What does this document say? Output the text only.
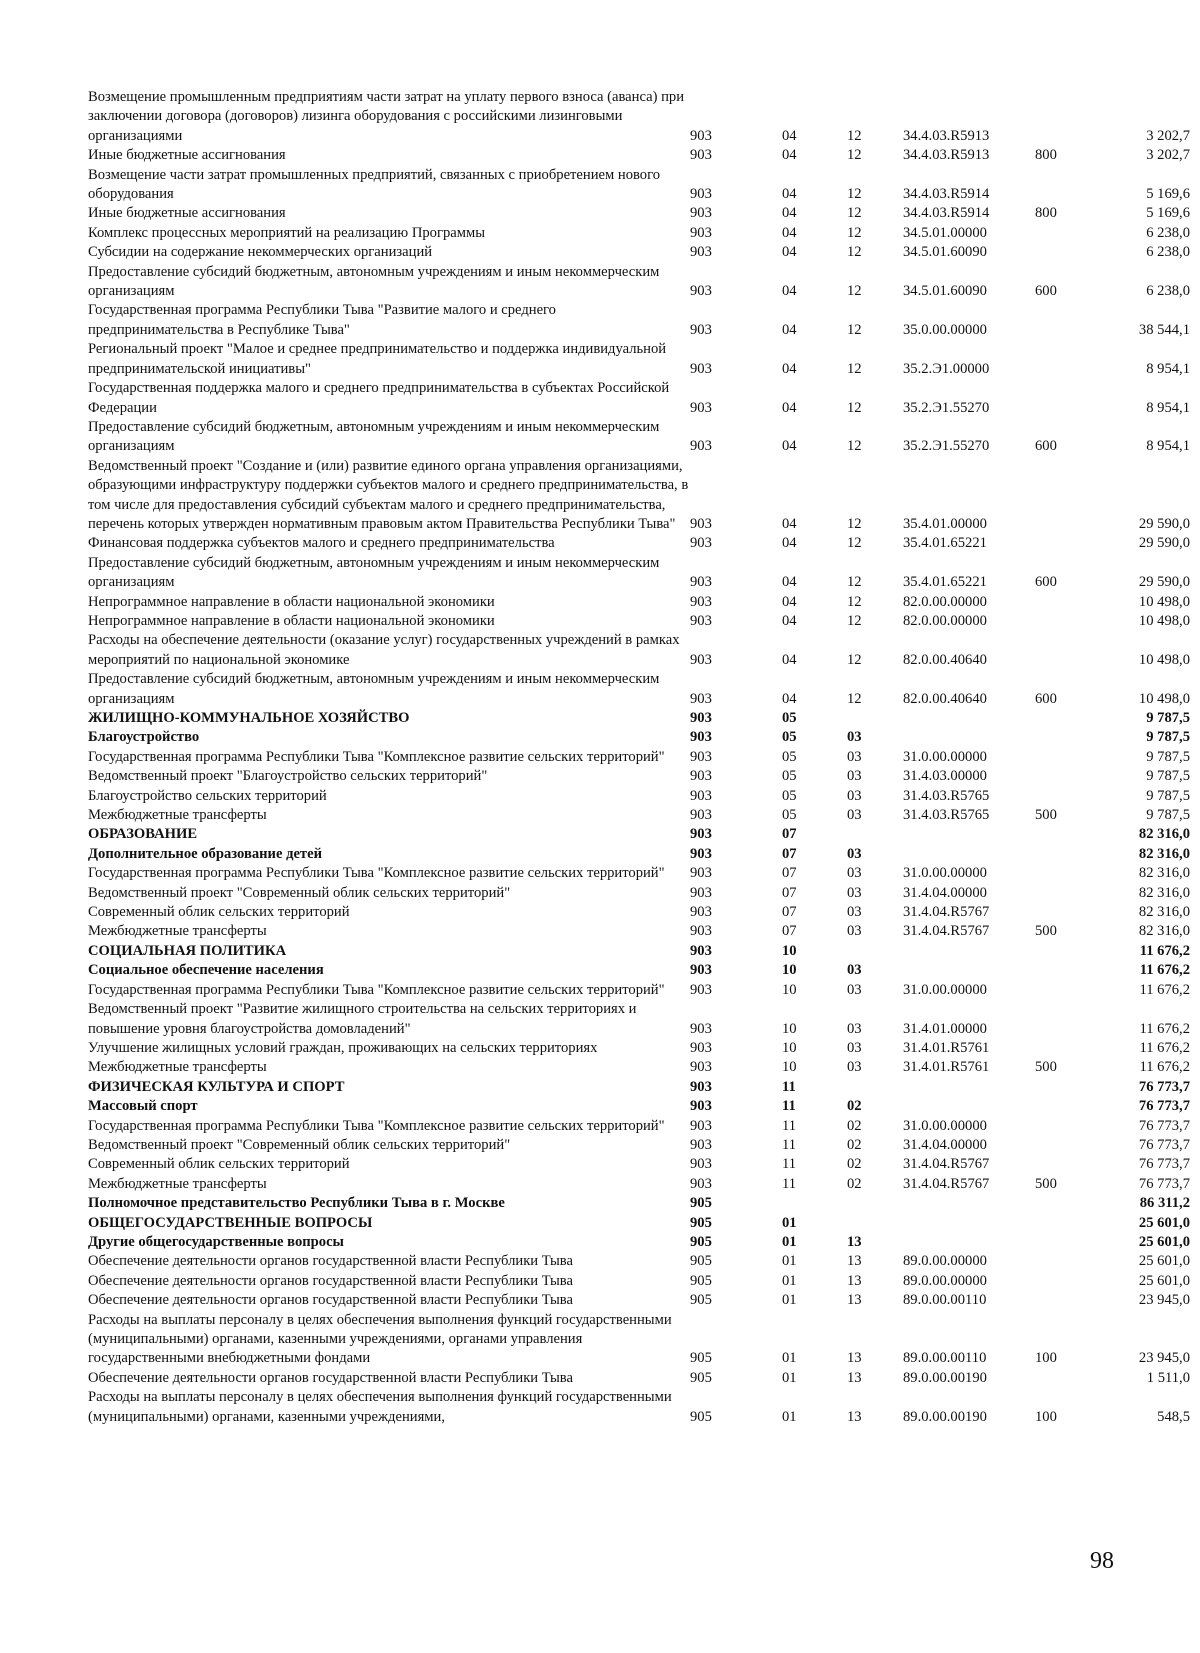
Возмещение промышленным предприятиям части затрат на уплату первого взноса (аванса) при заключении договора (договоров) лизинга оборудования с российскими лизинговыми организациями	903	04	12	34.4.03.R5913	3 202,7
Иные бюджетные ассигнования	903	04	12	34.4.03.R5913	800	3 202,7
Возмещение части затрат промышленных предприятий, связанных с приобретением нового оборудования	903	04	12	34.4.03.R5914	5 169,6
Иные бюджетные ассигнования	903	04	12	34.4.03.R5914	800	5 169,6
Комплекс процессных мероприятий на реализацию Программы	903	04	12	34.5.01.00000	6 238,0
Субсидии на содержание некоммерческих организаций	903	04	12	34.5.01.60090	6 238,0
Предоставление субсидий бюджетным, автономным учреждениям и иным некоммерческим организациям	903	04	12	34.5.01.60090	600	6 238,0
Государственная программа Республики Тыва "Развитие малого и среднего предпринимательства в Республике Тыва"	903	04	12	35.0.00.00000	38 544,1
Региональный проект "Малое и среднее предпринимательство и поддержка индивидуальной предпринимательской инициативы"	903	04	12	35.2.Э1.00000	8 954,1
Государственная поддержка малого и среднего предпринимательства в субъектах Российской Федерации	903	04	12	35.2.Э1.55270	8 954,1
Предоставление субсидий бюджетным, автономным учреждениям и иным некоммерческим организациям	903	04	12	35.2.Э1.55270	600	8 954,1
Ведомственный проект "Создание и (или) развитие единого органа управления организациями, образующими инфраструктуру поддержки субъектов малого и среднего предпринимательства, в том числе для предоставления субсидий субъектам малого и среднего предпринимательства, перечень которых утвержден нормативным правовым актом Правительства Республики Тыва" 903	04	12	35.4.01.00000	29 590,0
Финансовая поддержка субъектов малого и среднего предпринимательства	903	04	12	35.4.01.65221	29 590,0
Предоставление субсидий бюджетным, автономным учреждениям и иным некоммерческим организациям	903	04	12	35.4.01.65221	600	29 590,0
Непрограммное направление в области национальной экономики	903	04	12	82.0.00.00000	10 498,0
Непрограммное направление в области национальной экономики	903	04	12	82.0.00.00000	10 498,0
Расходы на обеспечение деятельности (оказание услуг) государственных учреждений в рамках мероприятий по национальной экономике	903	04	12	82.0.00.40640	10 498,0
Предоставление субсидий бюджетным, автономным учреждениям и иным некоммерческим организациям	903	04	12	82.0.00.40640	600	10 498,0
ЖИЛИЩНО-КОММУНАЛЬНОЕ ХОЗЯЙСТВО	903	05	9 787,5
Благоустройство	903	05	03	9 787,5
Государственная программа Республики Тыва "Комплексное развитие сельских территорий"	903	05	03	31.0.00.00000	9 787,5
Ведомственный проект "Благоустройство сельских территорий"	903	05	03	31.4.03.00000	9 787,5
Благоустройство сельских территорий	903	05	03	31.4.03.R5765	9 787,5
Межбюджетные трансферты	903	05	03	31.4.03.R5765	500	9 787,5
ОБРАЗОВАНИЕ	903	07	82 316,0
Дополнительное образование детей	903	07	03	82 316,0
Государственная программа Республики Тыва "Комплексное развитие сельских территорий"	903	07	03	31.0.00.00000	82 316,0
Ведомственный проект "Современный облик сельских территорий"	903	07	03	31.4.04.00000	82 316,0
Современный облик сельских территорий	903	07	03	31.4.04.R5767	82 316,0
Межбюджетные трансферты	903	07	03	31.4.04.R5767	500	82 316,0
СОЦИАЛЬНАЯ ПОЛИТИКА	903	10	11 676,2
Социальное обеспечение населения	903	10	03	11 676,2
Государственная программа Республики Тыва "Комплексное развитие сельских территорий"	903	10	03	31.0.00.00000	11 676,2
Ведомственный проект "Развитие жилищного строительства на сельских территориях и повышение уровня благоустройства домовладений"	903	10	03	31.4.01.00000	11 676,2
Улучшение жилищных условий граждан, проживающих на сельских территориях	903	10	03	31.4.01.R5761	11 676,2
Межбюджетные трансферты	903	10	03	31.4.01.R5761	500	11 676,2
ФИЗИЧЕСКАЯ КУЛЬТУРА И СПОРТ	903	11	76 773,7
Массовый спорт	903	11	02	76 773,7
Государственная программа Республики Тыва "Комплексное развитие сельских территорий"	903	11	02	31.0.00.00000	76 773,7
Ведомственный проект "Современный облик сельских территорий"	903	11	02	31.4.04.00000	76 773,7
Современный облик сельских территорий	903	11	02	31.4.04.R5767	76 773,7
Межбюджетные трансферты	903	11	02	31.4.04.R5767	500	76 773,7
Полномочное представительство Республики Тыва в г. Москве	905	86 311,2
ОБЩЕГОСУДАРСТВЕННЫЕ ВОПРОСЫ	905	01	25 601,0
Другие общегосударственные вопросы	905	01	13	25 601,0
Обеспечение деятельности органов государственной власти Республики Тыва	905	01	13	89.0.00.00000	25 601,0
Обеспечение деятельности органов государственной власти Республики Тыва	905	01	13	89.0.00.00000	25 601,0
Обеспечение деятельности органов государственной власти Республики Тыва	905	01	13	89.0.00.00110	23 945,0
Расходы на выплаты персоналу в целях обеспечения выполнения функций государственными (муниципальными) органами, казенными учреждениями, органами управления государственными внебюджетными фондами	905	01	13	89.0.00.00110	100	23 945,0
Обеспечение деятельности органов государственной власти Республики Тыва	905	01	13	89.0.00.00190	1 511,0
Расходы на выплаты персоналу в целях обеспечения выполнения функций государственными (муниципальными) органами, казенными учреждениями,	905	01	13	89.0.00.00190	100	548,5
98
